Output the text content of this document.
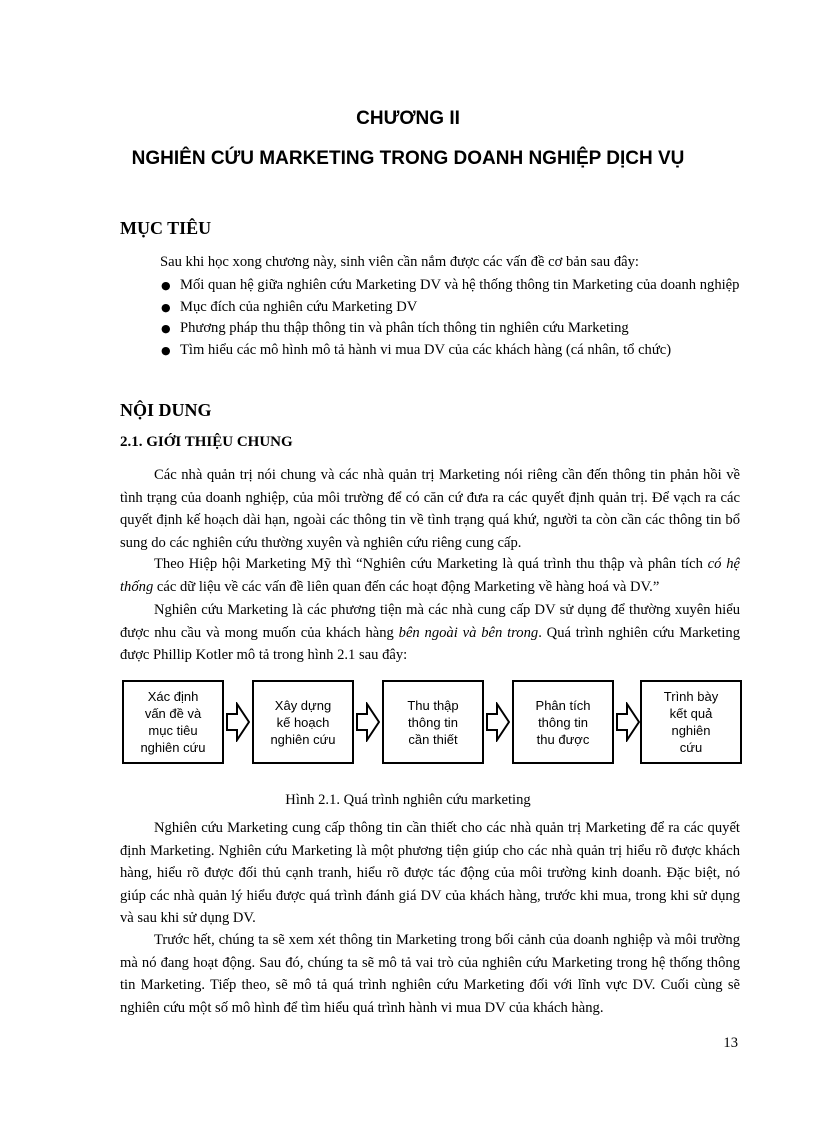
CHƯƠNG II
NGHIÊN CỨU MARKETING TRONG DOANH NGHIỆP DỊCH VỤ
MỤC TIÊU

Sau khi học xong chương này, sinh viên cần nắm được các vấn đề cơ bản sau đây:

● Mối quan hệ giữa nghiên cứu Marketing DV và hệ thống thông tin Marketing của doanh nghiệp
● Mục đích của nghiên cứu Marketing DV
● Phương pháp thu thập thông tin và phân tích thông tin nghiên cứu Marketing
● Tìm hiểu các mô hình mô tả hành vi mua DV của các khách hàng (cá nhân, tổ chức)
NỘI DUNG
2.1. GIỚI THIỆU CHUNG

Các nhà quản trị nói chung và các nhà quản trị Marketing nói riêng cần đến thông tin phản hồi về tình trạng của doanh nghiệp, của môi trường để có căn cứ đưa ra các quyết định quản trị. Để vạch ra các quyết định kế hoạch dài hạn, ngoài các thông tin về tình trạng quá khứ, người ta còn cần các thông tin bổ sung do các nghiên cứu thường xuyên và nghiên cứu riêng cung cấp.

Theo Hiệp hội Marketing Mỹ thì “Nghiên cứu Marketing là quá trình thu thập và phân tích có hệ thống các dữ liệu về các vấn đề liên quan đến các hoạt động Marketing về hàng hoá và DV.”

Nghiên cứu Marketing là các phương tiện mà các nhà cung cấp DV sử dụng để thường xuyên hiểu được nhu cầu và mong muốn của khách hàng bên ngoài và bên trong. Quá trình nghiên cứu Marketing được Phillip Kotler mô tả trong hình 2.1 sau đây:

Xác định
vấn đề và
mục tiêu
nghiên cứu
Xây dựng
kế hoạch
nghiên cứu
Thu thập
thông tin
cần thiết
Phân tích
thông tin
thu được
Trình bày
kết quả
nghiên
cứu

Hình 2.1. Quá trình nghiên cứu marketing

Nghiên cứu Marketing cung cấp thông tin cần thiết cho các nhà quản trị Marketing để ra các quyết định Marketing. Nghiên cứu Marketing là một phương tiện giúp cho các nhà quản trị hiểu rõ được khách hàng, hiểu rõ được đối thủ cạnh tranh, hiểu rõ được tác động của môi trường kinh doanh. Đặc biệt, nó giúp các nhà quản lý hiểu được quá trình đánh giá DV của khách hàng, trước khi mua, trong khi sử dụng và sau khi sử dụng DV.

Trước hết, chúng ta sẽ xem xét thông tin Marketing trong bối cảnh của doanh nghiệp và môi trường mà nó đang hoạt động. Sau đó, chúng ta sẽ mô tả vai trò của nghiên cứu Marketing trong hệ thống thông tin Marketing. Tiếp theo, sẽ mô tả quá trình nghiên cứu Marketing đối với lĩnh vực DV. Cuối cùng sẽ nghiên cứu một số mô hình để tìm hiểu quá trình hành vi mua DV của khách hàng.

13
